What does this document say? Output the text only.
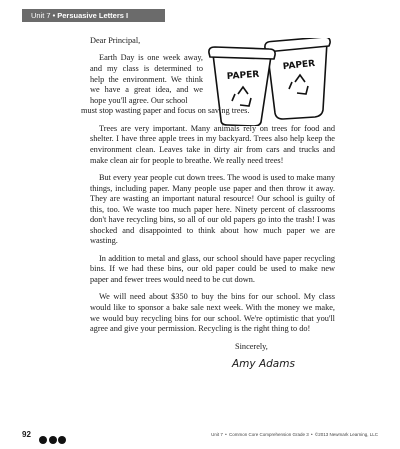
Unit 7 • Persuasive Letters I
PAPER
PAPER

Dear Principal,

Earth Day is one week away, and my class is determined to help the environment. We think we have a great idea, and we hope you'll agree. Our school
must stop wasting paper and focus on saving trees.

Trees are very important. Many animals rely on trees for food and shelter. I have three apple trees in my backyard. Trees also help keep the environment clean. Leaves take in dirty air from cars and trucks and make clean air for people to breathe. We really need trees!

But every year people cut down trees. The wood is used to make many things, including paper. Many people use paper and then throw it away. They are wasting an important natural resource! Our school is guilty of this, too. We waste too much paper here. Ninety percent of classrooms don't have recycling bins, so all of our old papers go into the trash! I was shocked and disappointed to think about how much paper we are wasting.

In addition to metal and glass, our school should have paper recycling bins. If we had these bins, our old paper could be used to make new paper and fewer trees would need to be cut down.

We will need about $350 to buy the bins for our school. My class would like to sponsor a bake sale next week. With the money we make, we would buy recycling bins for our school. We're optimistic that you'll agree and give your permission. Recycling is the right thing to do!

Sincerely,
Amy Adams
92	Unit 7 • Common Core Comprehension Grade 3 • ©2013 Newmark Learning, LLC
